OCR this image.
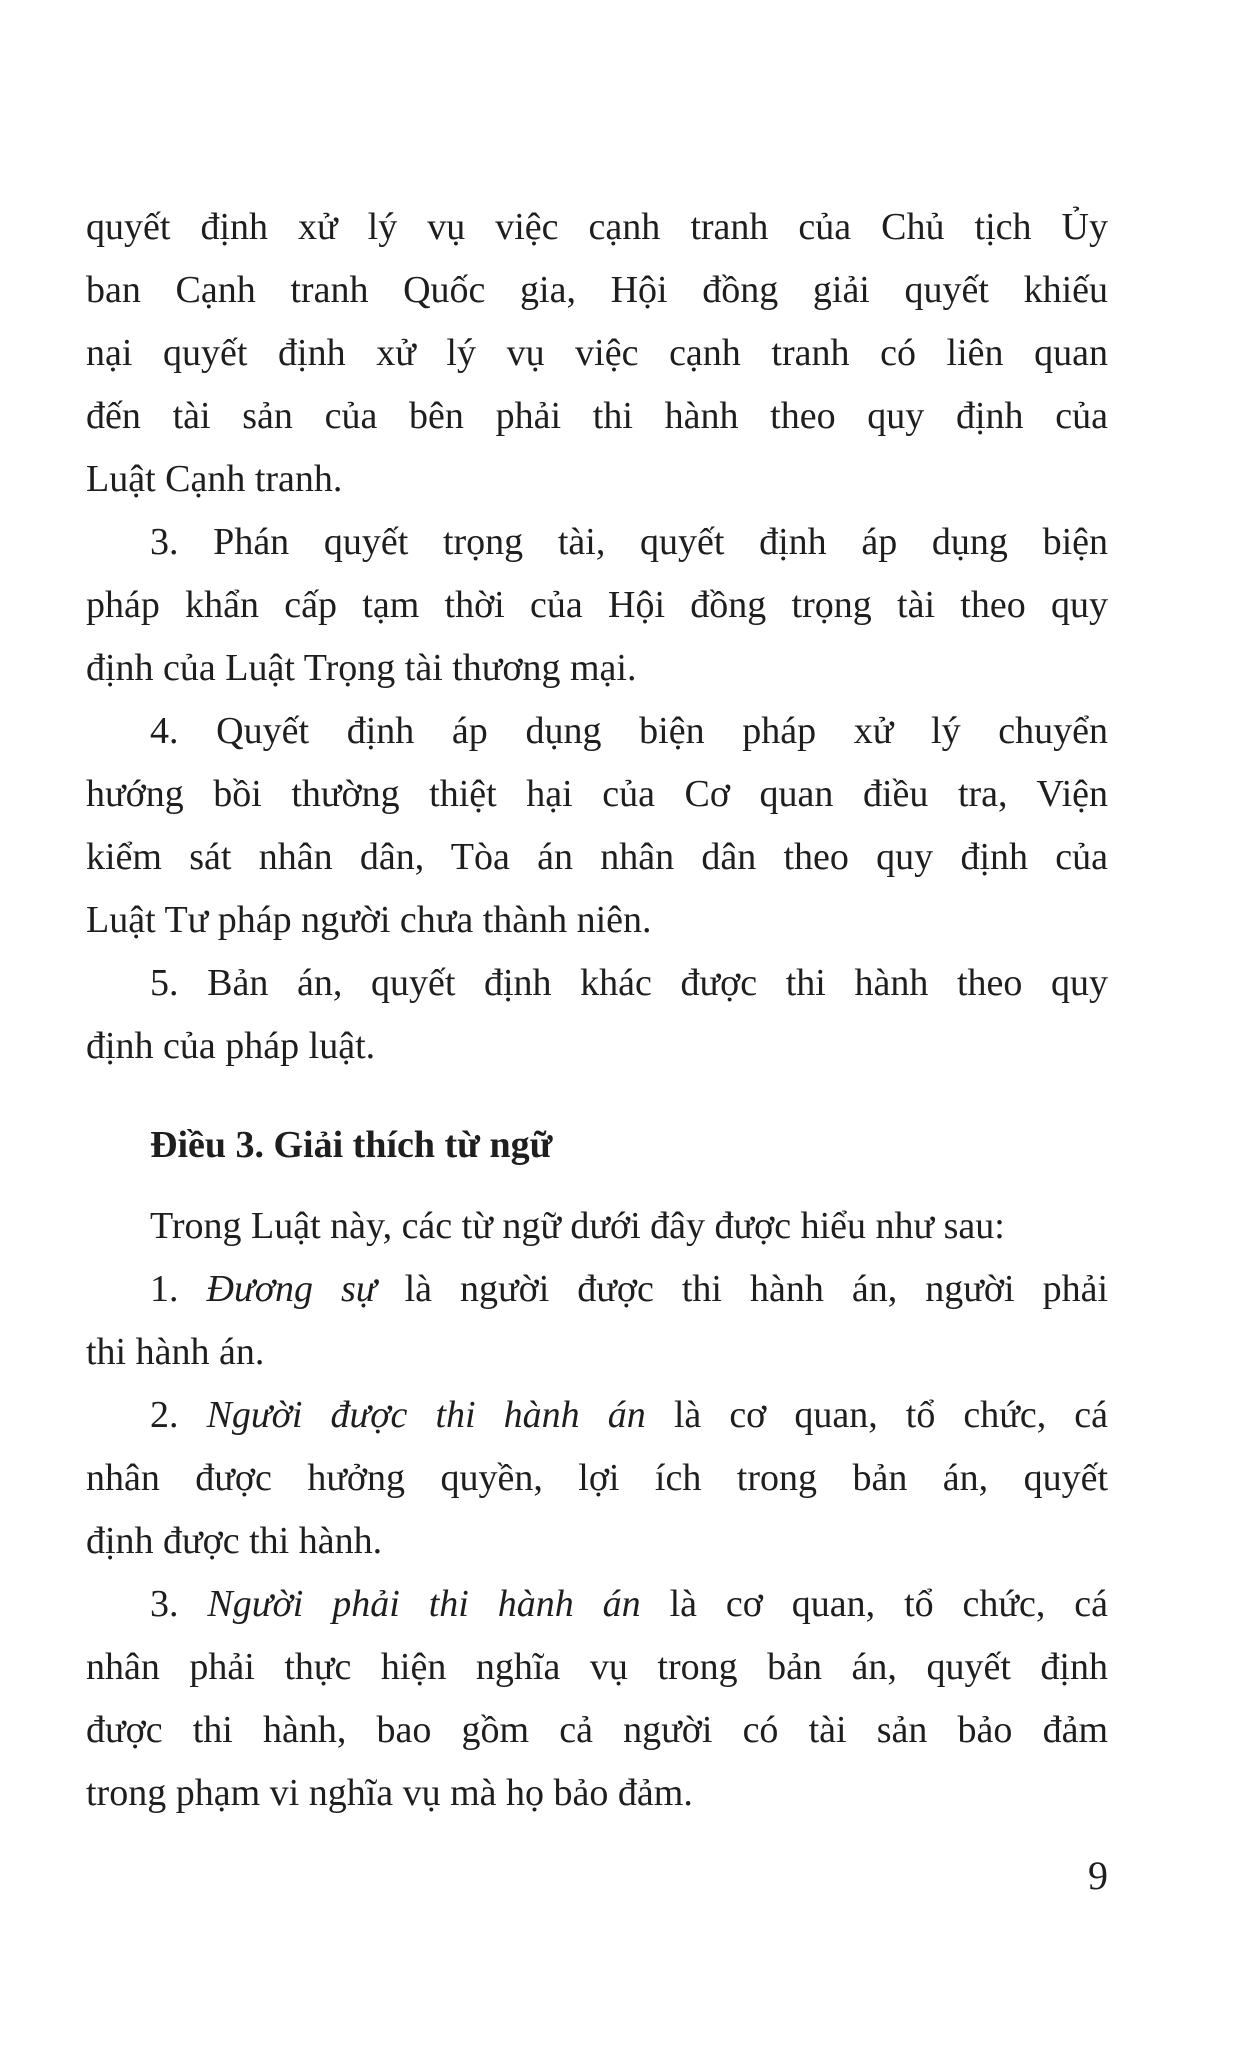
quyết định xử lý vụ việc cạnh tranh của Chủ tịch Ủy
ban Cạnh tranh Quốc gia, Hội đồng giải quyết khiếu
nại quyết định xử lý vụ việc cạnh tranh có liên quan
đến tài sản của bên phải thi hành theo quy định của
Luật Cạnh tranh.

3. Phán quyết trọng tài, quyết định áp dụng biện
pháp khẩn cấp tạm thời của Hội đồng trọng tài theo quy
định của Luật Trọng tài thương mại.

4. Quyết định áp dụng biện pháp xử lý chuyển
hướng bồi thường thiệt hại của Cơ quan điều tra, Viện
kiểm sát nhân dân, Tòa án nhân dân theo quy định của
Luật Tư pháp người chưa thành niên.

5. Bản án, quyết định khác được thi hành theo quy
định của pháp luật.

Điều 3. Giải thích từ ngữ

Trong Luật này, các từ ngữ dưới đây được hiểu như sau:

1. Đương sự là người được thi hành án, người phải
thi hành án.

2. Người được thi hành án là cơ quan, tổ chức, cá
nhân được hưởng quyền, lợi ích trong bản án, quyết
định được thi hành.

3. Người phải thi hành án là cơ quan, tổ chức, cá
nhân phải thực hiện nghĩa vụ trong bản án, quyết định
được thi hành, bao gồm cả người có tài sản bảo đảm
trong phạm vi nghĩa vụ mà họ bảo đảm.

9
